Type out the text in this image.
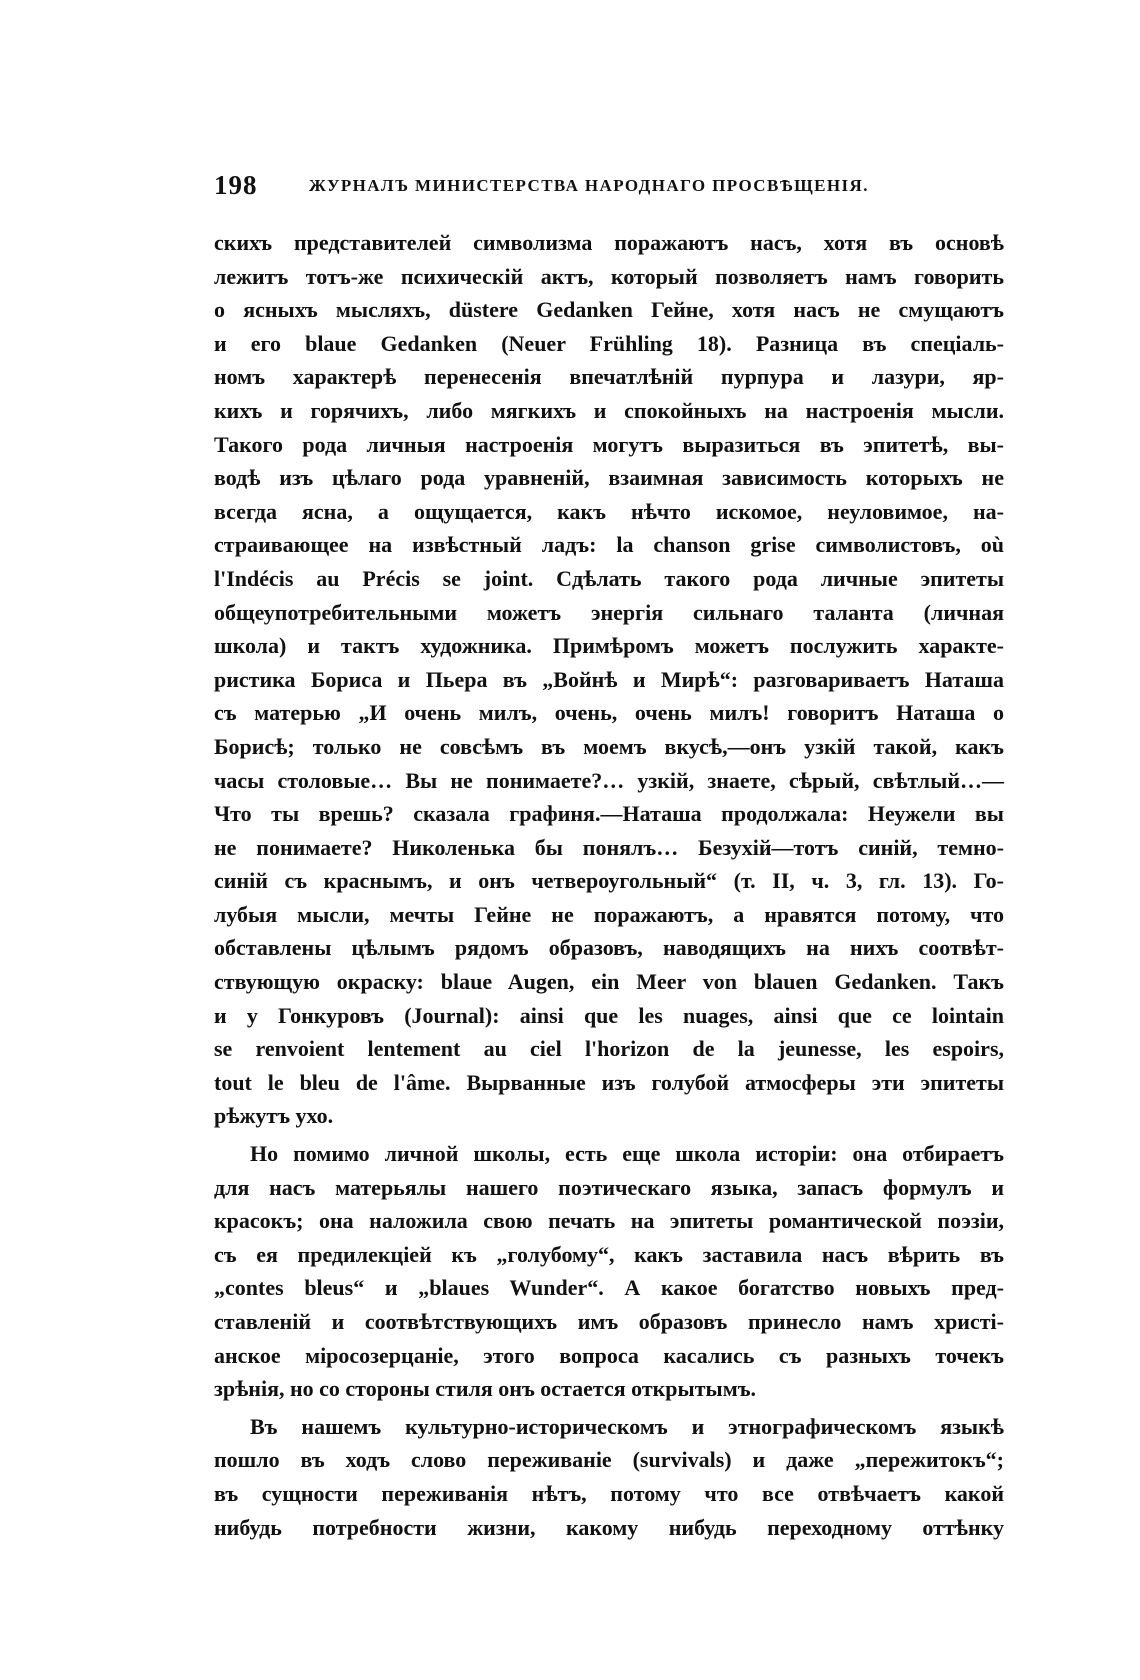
198	ЖУРНАЛЪ МИНИСТЕРСТВА НАРОДНАГО ПРОСВѢЩЕНІЯ.
скихъ представителей символизма поражаютъ насъ, хотя въ основѣ
лежитъ тотъ-же психическій актъ, который позволяетъ намъ говорить
о ясныхъ мысляхъ, düstere Gedanken Гейне, хотя насъ не смущаютъ
и его blaue Gedanken (Neuer Frühling 18). Разница въ спеціаль-
номъ характерѣ перенесенія впечатлѣній пурпура и лазури, яр-
кихъ и горячихъ, либо мягкихъ и спокойныхъ на настроенія мысли.
Такого рода личныя настроенія могутъ выразиться въ эпитетѣ, вы-
водѣ изъ цѣлаго рода уравненій, взаимная зависимость которыхъ не
всегда ясна, а ощущается, какъ нѣчто искомое, неуловимое, на-
страивающее на извѣстный ладъ: la chanson grise символистовъ, où
l'Indécis au Précis se joint. Сдѣлать такого рода личные эпитеты
общеупотребительными можетъ энергія сильнаго таланта (личная
школа) и тактъ художника. Примѣромъ можетъ послужить характе-
ристика Бориса и Пьера въ „Войнѣ и Мирѣ“: разговариваетъ Наташа
съ матерью „И очень милъ, очень, очень милъ! говоритъ Наташа о
Борисѣ; только не совсѣмъ въ моемъ вкусѣ,—онъ узкій такой, какъ
часы столовые… Вы не понимаете?… узкій, знаете, сѣрый, свѣтлый…—
Что ты врешь? сказала графиня.—Наташа продолжала: Неужели вы
не понимаете? Николенька бы понялъ… Безухій—тотъ синій, темно-
синій съ краснымъ, и онъ четвероугольный“ (т. II, ч. 3, гл. 13). Го-
лубыя мысли, мечты Гейне не поражаютъ, а нравятся потому, что
обставлены цѣлымъ рядомъ образовъ, наводящихъ на нихъ соотвѣт-
ствующую окраску: blaue Augen, ein Meer von blauen Gedanken. Такъ
и у Гонкуровъ (Journal): ainsi que les nuages, ainsi que ce lointain
se renvoient lentement au ciel l'horizon de la jeunesse, les espoirs,
tout le bleu de l'âme. Вырванные изъ голубой атмосферы эти эпитеты
рѣжутъ ухо.
Но помимо личной школы, есть еще школа исторіи: она отбираетъ
для насъ матерьялы нашего поэтическаго языка, запасъ формулъ и
красокъ; она наложила свою печать на эпитеты романтической поэзіи,
съ ея предилекціей къ „голубому“, какъ заставила насъ вѣрить въ
„contes bleus“ и „blaues Wunder“. А какое богатство новыхъ пред-
ставленій и соотвѣтствующихъ имъ образовъ принесло намъ христі-
анское міросозерцаніе, этого вопроса касались съ разныхъ точекъ
зрѣнія, но со стороны стиля онъ остается открытымъ.
Въ нашемъ культурно-историческомъ и этнографическомъ языкѣ
пошло въ ходъ слово переживаніе (survivals) и даже „пережитокъ“;
въ сущности переживанія нѣтъ, потому что все отвѣчаетъ какой
нибудь потребности жизни, какому нибудь переходному оттѣнку
